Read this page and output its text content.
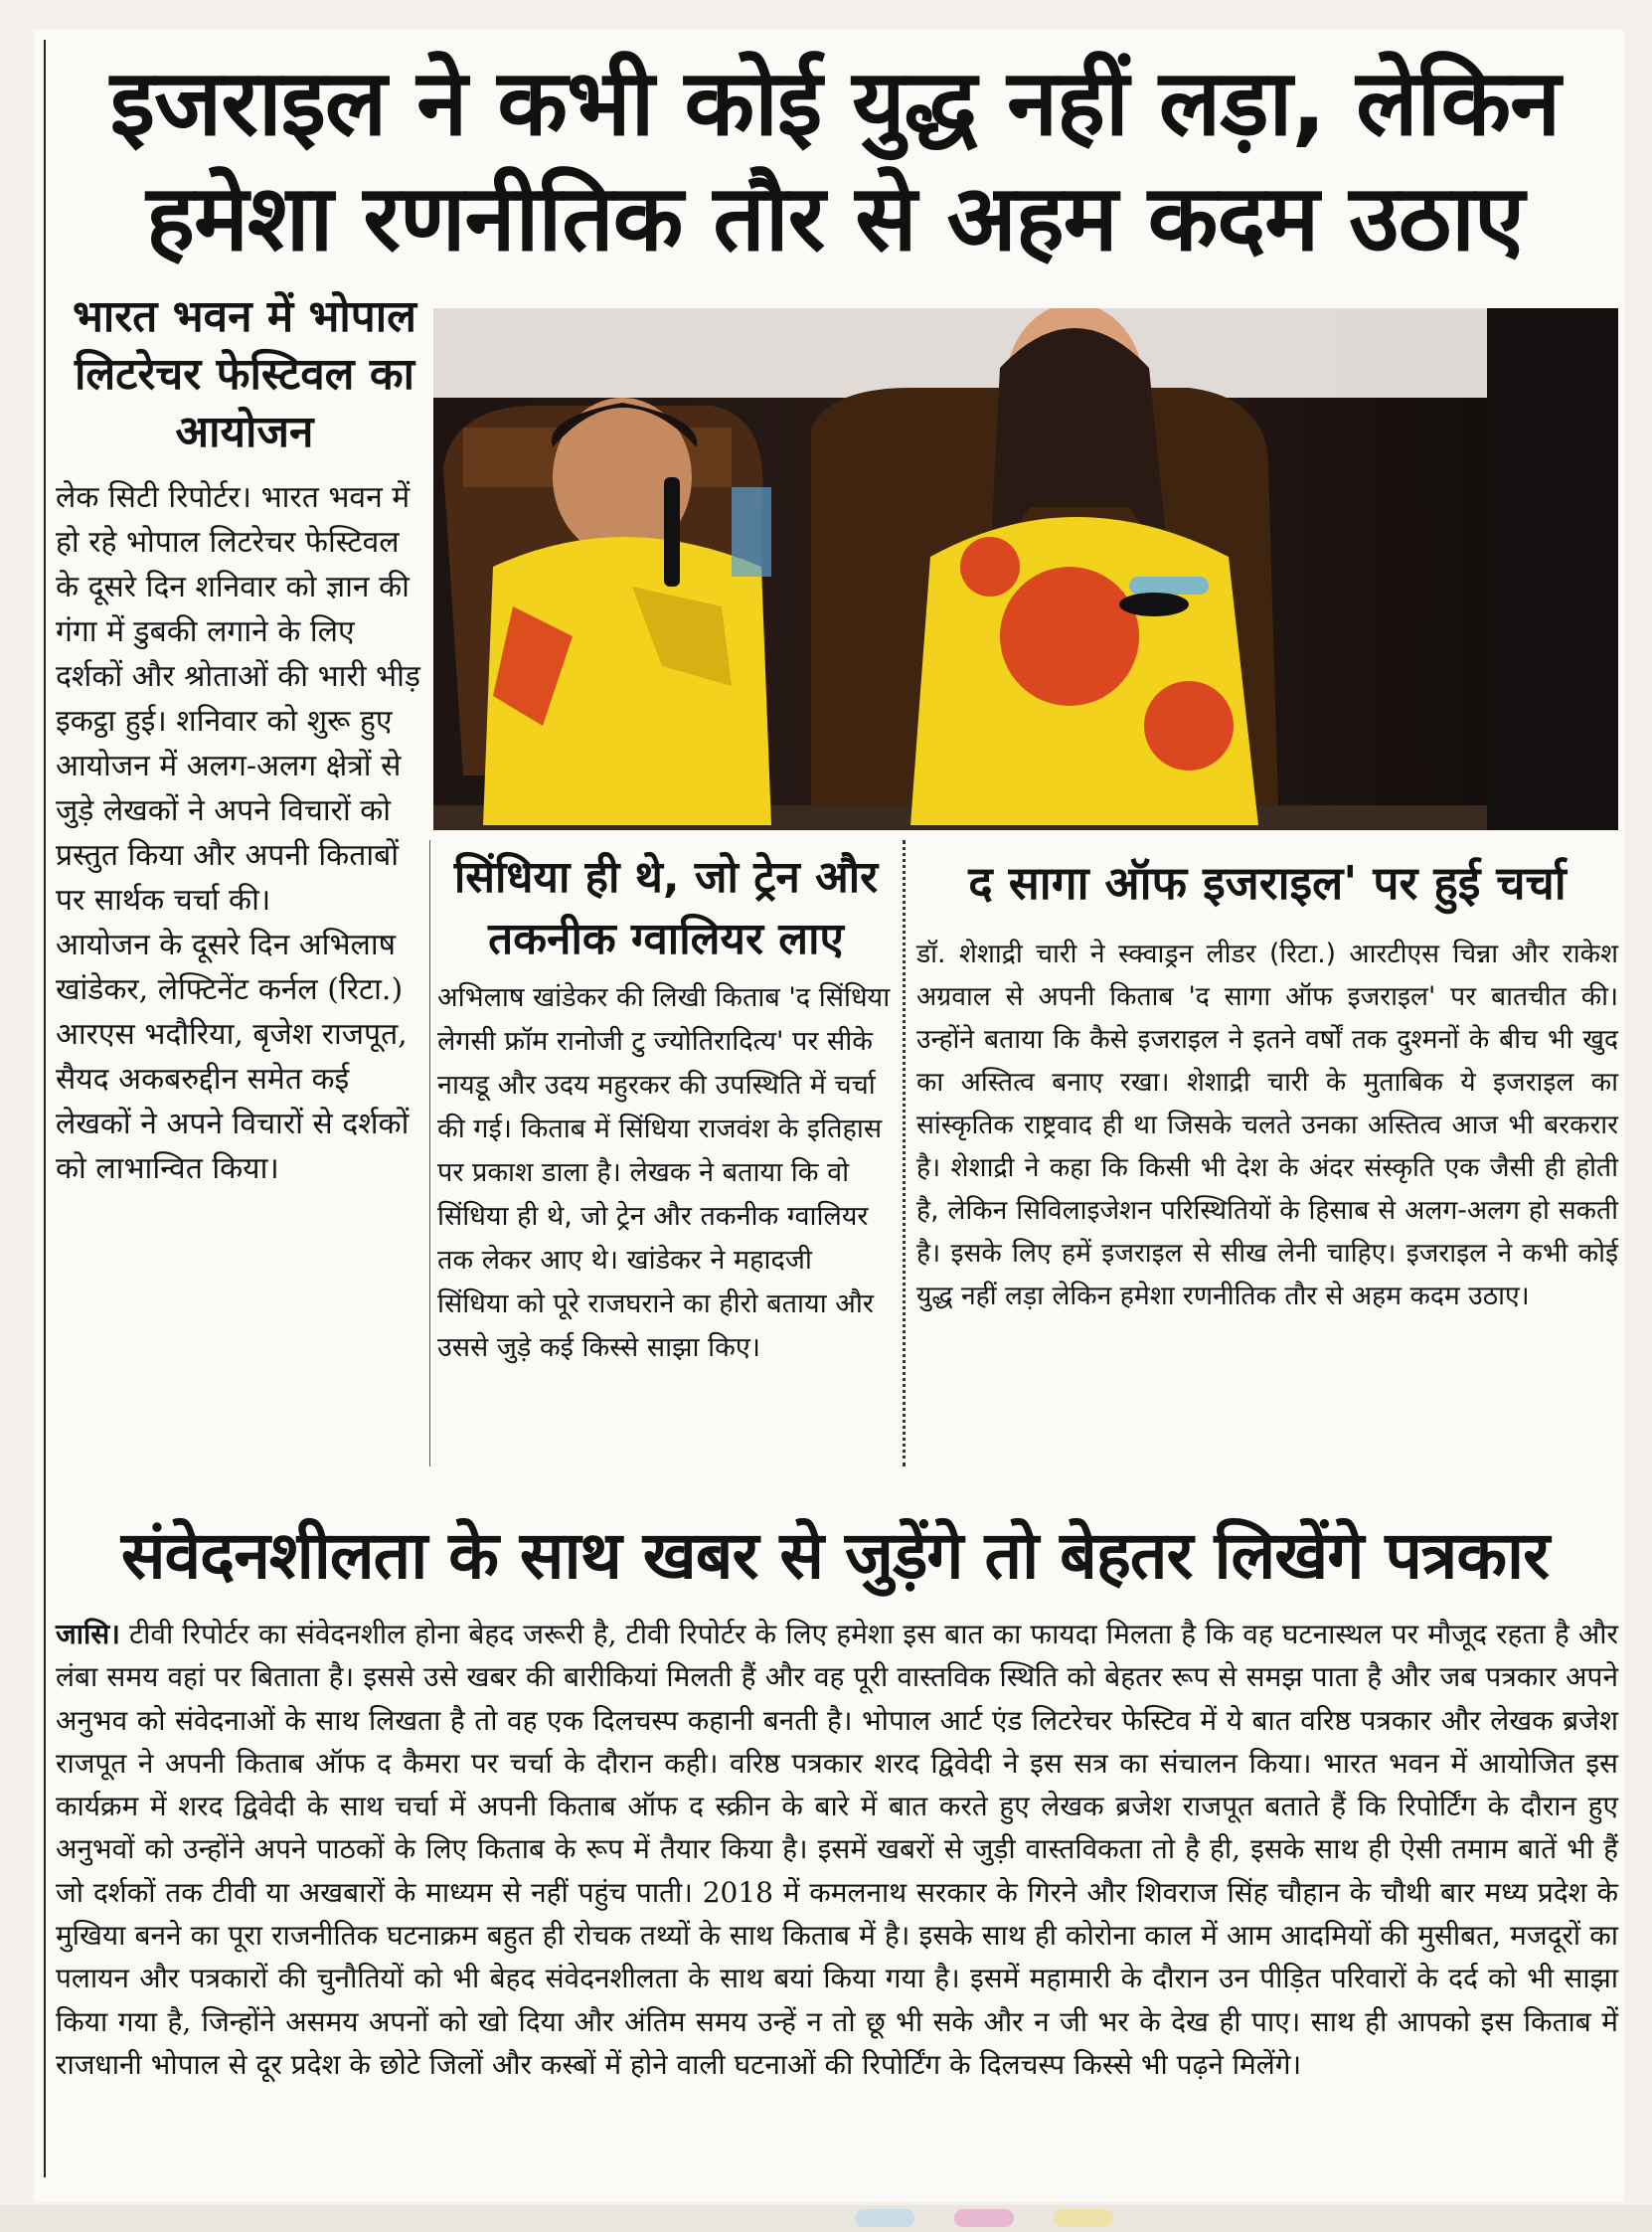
इजराइल ने कभी कोई युद्ध नहीं लड़ा, लेकिन
हमेशा रणनीतिक तौर से अहम कदम उठाए
भारत भवन में भोपाल लिटरेचर फेस्टिवल का आयोजन

लेक सिटी रिपोर्टर। भारत भवन में हो रहे भोपाल लिटरेचर फेस्टिवल के दूसरे दिन शनिवार को ज्ञान की गंगा में डुबकी लगाने के लिए दर्शकों और श्रोताओं की भारी भीड़ इकट्ठा हुई। शनिवार को शुरू हुए आयोजन में अलग-अलग क्षेत्रों से जुड़े लेखकों ने अपने विचारों को प्रस्तुत किया और अपनी किताबों पर सार्थक चर्चा की।

आयोजन के दूसरे दिन अभिलाष खांडेकर, लेफ्टिनेंट कर्नल (रिटा.) आरएस भदौरिया, बृजेश राजपूत, सैयद अकबरुद्दीन समेत कई लेखकों ने अपने विचारों से दर्शकों को लाभान्वित किया।

सिंधिया ही थे, जो ट्रेन और तकनीक ग्वालियर लाए
अभिलाष खांडेकर की लिखी किताब 'द सिंधिया लेगसी फ्रॉम रानोजी टु ज्योतिरादित्य' पर सीके नायडू और उदय महुरकर की उपस्थिति में चर्चा की गई। किताब में सिंधिया राजवंश के इतिहास पर प्रकाश डाला है। लेखक ने बताया कि वो सिंधिया ही थे, जो ट्रेन और तकनीक ग्वालियर तक लेकर आए थे। खांडेकर ने महादजी सिंधिया को पूरे राजघराने का हीरो बताया और उससे जुड़े कई किस्से साझा किए।
द सागा ऑफ इजराइल' पर हुई चर्चा
डॉ. शेशाद्री चारी ने स्क्वाड्रन लीडर (रिटा.) आरटीएस चिन्ना और राकेश अग्रवाल से अपनी किताब 'द सागा ऑफ इजराइल' पर बातचीत की। उन्होंने बताया कि कैसे इजराइल ने इतने वर्षों तक दुश्मनों के बीच भी खुद का अस्तित्व बनाए रखा। शेशाद्री चारी के मुताबिक ये इजराइल का सांस्कृतिक राष्ट्रवाद ही था जिसके चलते उनका अस्तित्व आज भी बरकरार है। शेशाद्री ने कहा कि किसी भी देश के अंदर संस्कृति एक जैसी ही होती है, लेकिन सिविलाइजेशन परिस्थितियों के हिसाब से अलग-अलग हो सकती है। इसके लिए हमें इजराइल से सीख लेनी चाहिए। इजराइल ने कभी कोई युद्ध नहीं लड़ा लेकिन हमेशा रणनीतिक तौर से अहम कदम उठाए।
संवेदनशीलता के साथ खबर से जुड़ेंगे तो बेहतर लिखेंगे पत्रकार
जासि। टीवी रिपोर्टर का संवेदनशील होना बेहद जरूरी है, टीवी रिपोर्टर के लिए हमेशा इस बात का फायदा मिलता है कि वह घटनास्थल पर मौजूद रहता है और लंबा समय वहां पर बिताता है। इससे उसे खबर की बारीकियां मिलती हैं और वह पूरी वास्तविक स्थिति को बेहतर रूप से समझ पाता है और जब पत्रकार अपने अनुभव को संवेदनाओं के साथ लिखता है तो वह एक दिलचस्प कहानी बनती है। भोपाल आर्ट एंड लिटरेचर फेस्टिव में ये बात वरिष्ठ पत्रकार और लेखक ब्रजेश राजपूत ने अपनी किताब ऑफ द कैमरा पर चर्चा के दौरान कही। वरिष्ठ पत्रकार शरद द्विवेदी ने इस सत्र का संचालन किया। भारत भवन में आयोजित इस कार्यक्रम में शरद द्विवेदी के साथ चर्चा में अपनी किताब ऑफ द स्क्रीन के बारे में बात करते हुए लेखक ब्रजेश राजपूत बताते हैं कि रिपोर्टिंग के दौरान हुए अनुभवों को उन्होंने अपने पाठकों के लिए किताब के रूप में तैयार किया है। इसमें खबरों से जुड़ी वास्तविकता तो है ही, इसके साथ ही ऐसी तमाम बातें भी हैं जो दर्शकों तक टीवी या अखबारों के माध्यम से नहीं पहुंच पाती। 2018 में कमलनाथ सरकार के गिरने और शिवराज सिंह चौहान के चौथी बार मध्य प्रदेश के मुखिया बनने का पूरा राजनीतिक घटनाक्रम बहुत ही रोचक तथ्यों के साथ किताब में है। इसके साथ ही कोरोना काल में आम आदमियों की मुसीबत, मजदूरों का पलायन और पत्रकारों की चुनौतियों को भी बेहद संवेदनशीलता के साथ बयां किया गया है। इसमें महामारी के दौरान उन पीड़ित परिवारों के दर्द को भी साझा किया गया है, जिन्होंने असमय अपनों को खो दिया और अंतिम समय उन्हें न तो छू भी सके और न जी भर के देख ही पाए। साथ ही आपको इस किताब में राजधानी भोपाल से दूर प्रदेश के छोटे जिलों और कस्बों में होने वाली घटनाओं की रिपोर्टिंग के दिलचस्प किस्से भी पढ़ने मिलेंगे।
